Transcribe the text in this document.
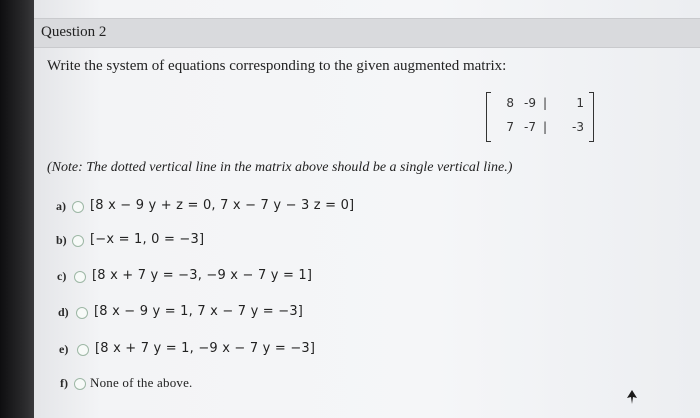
Question 2
Write the system of equations corresponding to the given augmented matrix:
8 -9 |	1
7 -7 |	-3
(Note: The dotted vertical line in the matrix above should be a single vertical line.)
a) [8 x − 9 y + z = 0, 7 x − 7 y − 3 z = 0]
b) [−x = 1, 0 = −3]
c) [8 x + 7 y = −3, −9 x − 7 y = 1]
d) [8 x − 9 y = 1, 7 x − 7 y = −3]
e) [8 x + 7 y = 1, −9 x − 7 y = −3]
f) None of the above.
